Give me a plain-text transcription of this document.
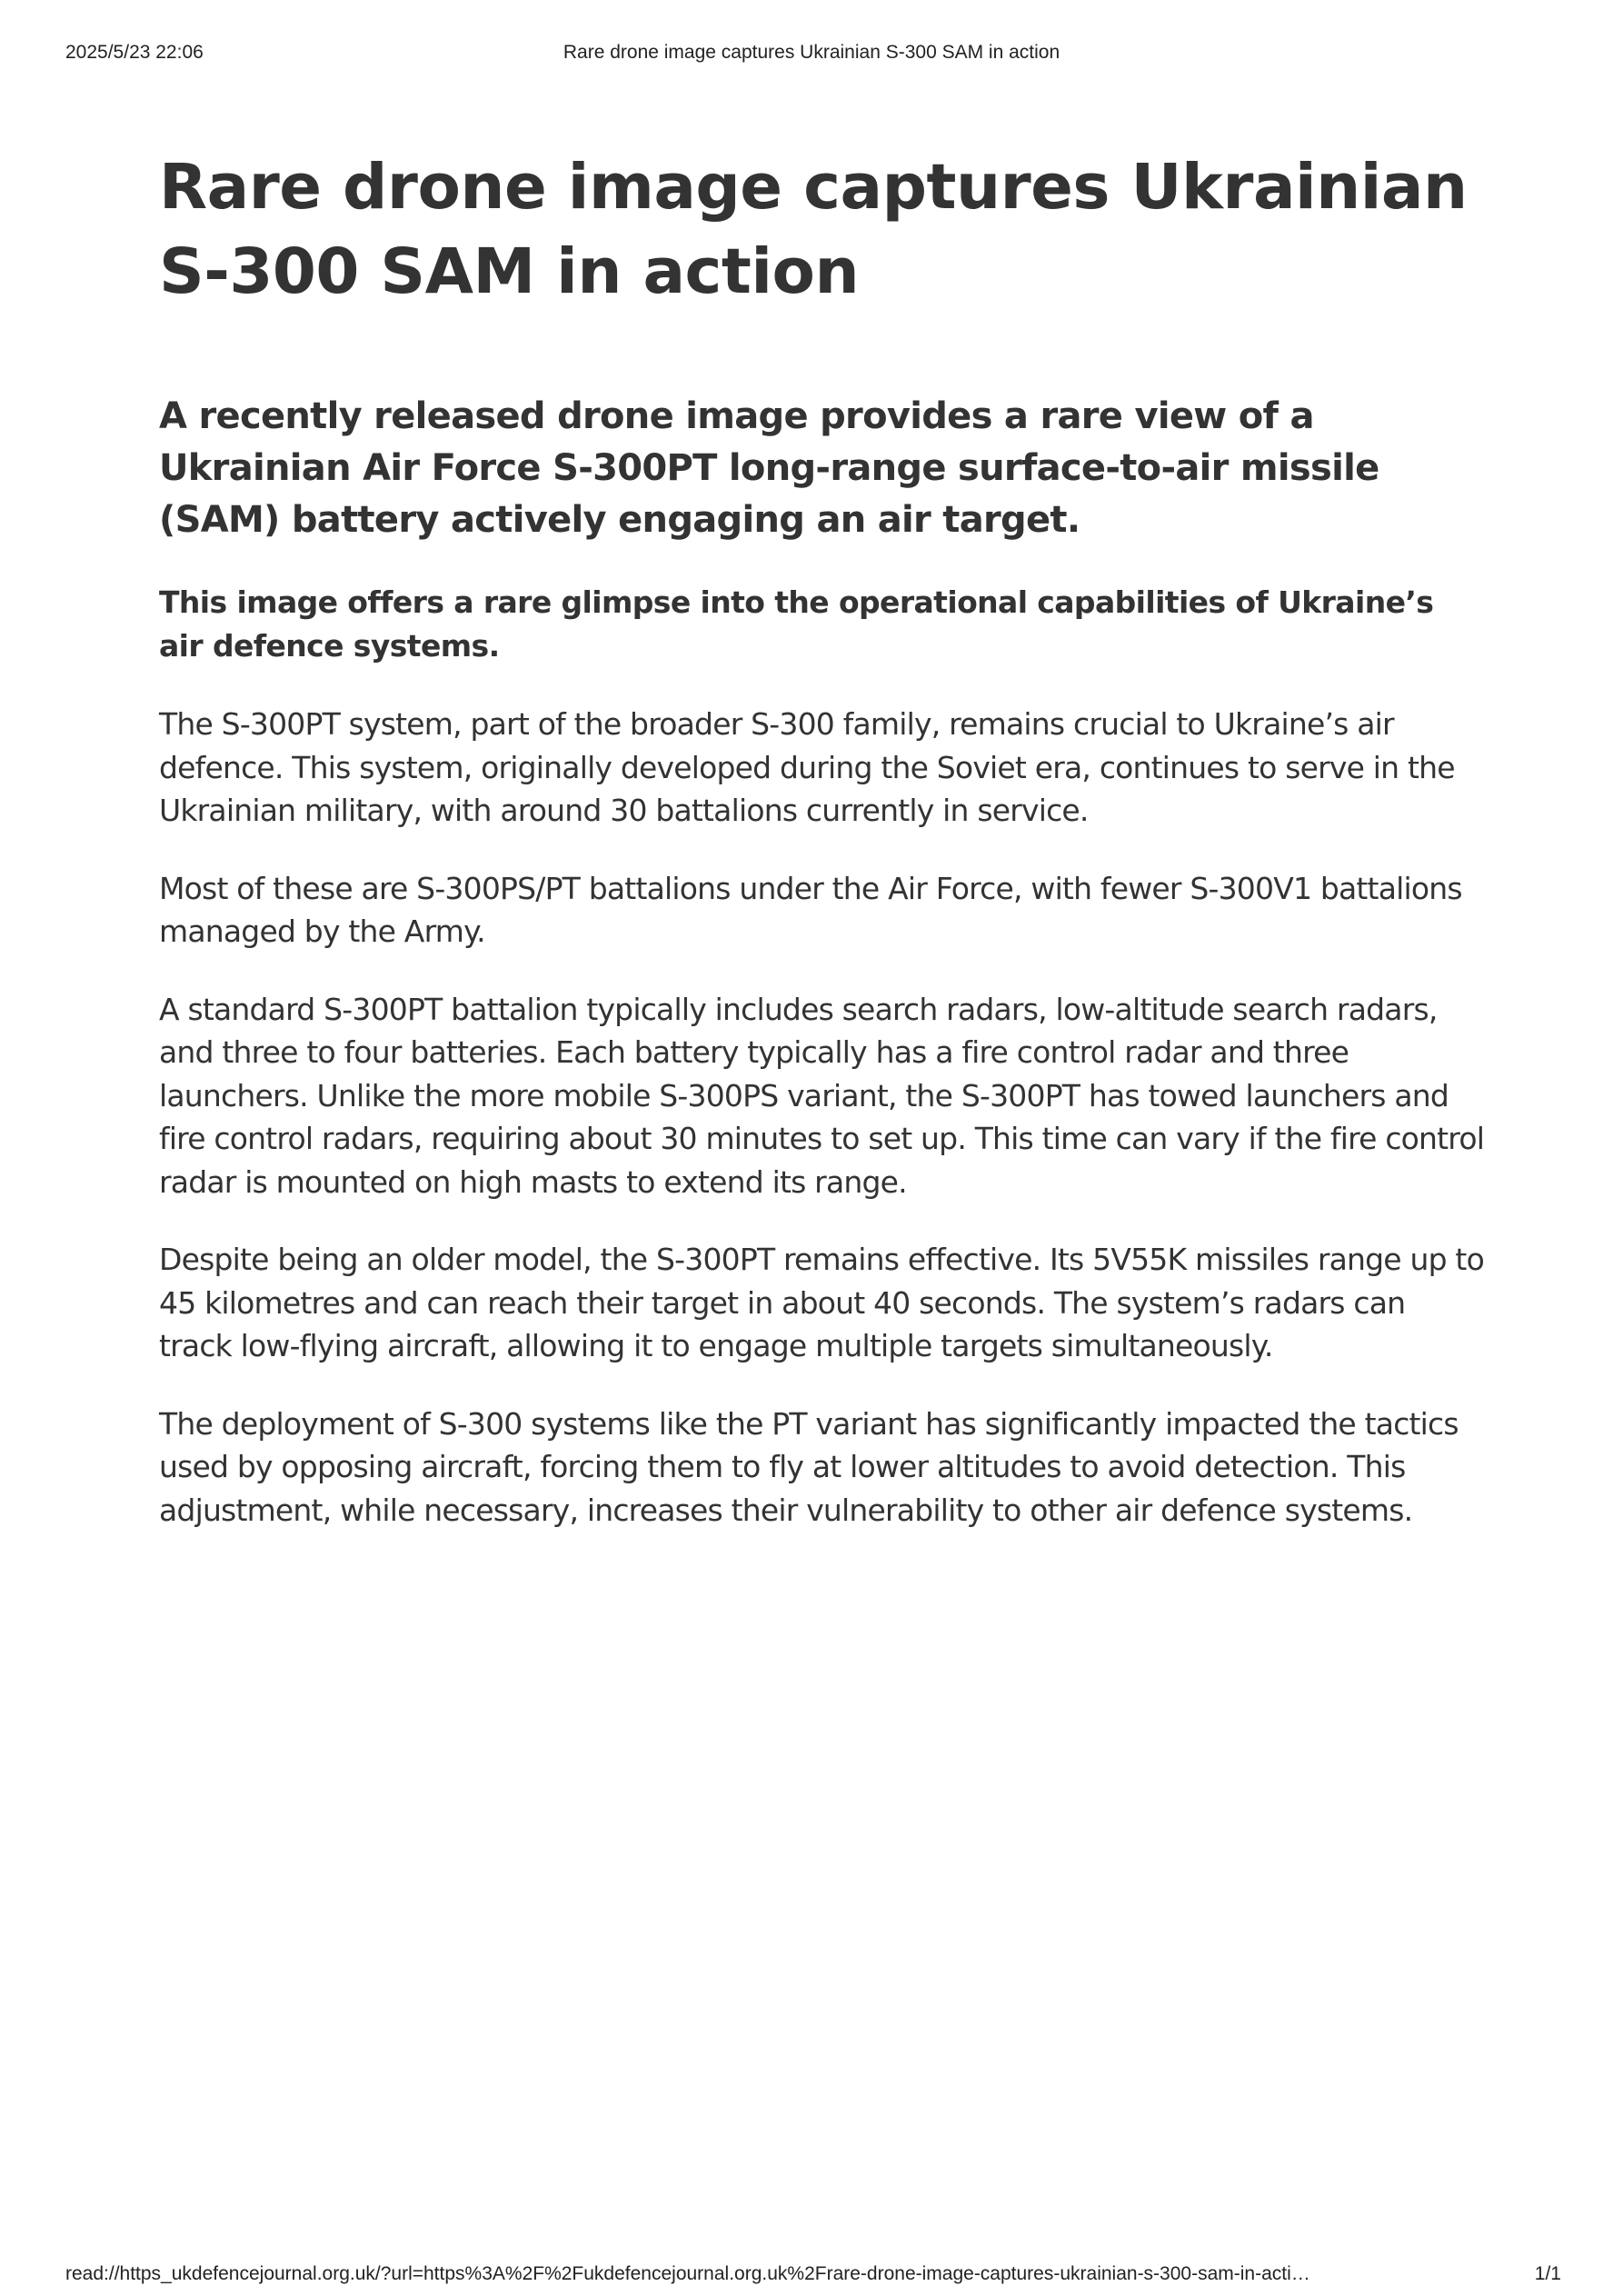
2025/5/23 22:06	Rare drone image captures Ukrainian S-300 SAM in action
Rare drone image captures Ukrainian S-300 SAM in action
A recently released drone image provides a rare view of a Ukrainian Air Force S-300PT long-range surface-to-air missile (SAM) battery actively engaging an air target.
This image offers a rare glimpse into the operational capabilities of Ukraine’s air defence systems.

The S-300PT system, part of the broader S-300 family, remains crucial to Ukraine’s air defence. This system, originally developed during the Soviet era, continues to serve in the Ukrainian military, with around 30 battalions currently in service.

Most of these are S-300PS/PT battalions under the Air Force, with fewer S-300V1 battalions managed by the Army.

A standard S-300PT battalion typically includes search radars, low-altitude search radars, and three to four batteries. Each battery typically has a fire control radar and three launchers. Unlike the more mobile S-300PS variant, the S-300PT has towed launchers and fire control radars, requiring about 30 minutes to set up. This time can vary if the fire control radar is mounted on high masts to extend its range.

Despite being an older model, the S-300PT remains effective. Its 5V55K missiles range up to 45 kilometres and can reach their target in about 40 seconds. The system’s radars can track low-flying aircraft, allowing it to engage multiple targets simultaneously.

The deployment of S-300 systems like the PT variant has significantly impacted the tactics used by opposing aircraft, forcing them to fly at lower altitudes to avoid detection. This adjustment, while necessary, increases their vulnerability to other air defence systems.

read://https_ukdefencejournal.org.uk/?url=https%3A%2F%2Fukdefencejournal.org.uk%2Frare-drone-image-captures-ukrainian-s-300-sam-in-acti…	1/1
